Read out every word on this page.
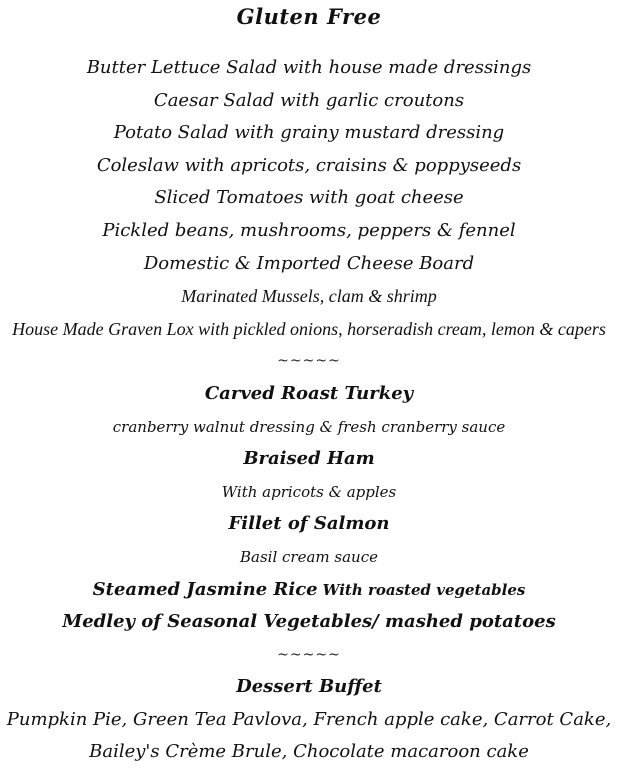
Gluten Free
Butter Lettuce Salad with house made dressings
Caesar Salad with garlic croutons
Potato Salad with grainy mustard dressing
Coleslaw with apricots, craisins & poppyseeds
Sliced Tomatoes with goat cheese
Pickled beans, mushrooms, peppers & fennel
Domestic & Imported Cheese Board
Marinated Mussels, clam & shrimp
House Made Graven Lox with pickled onions, horseradish cream, lemon & capers
~~~~~
Carved Roast Turkey
cranberry walnut dressing & fresh cranberry sauce
Braised Ham
With apricots & apples
Fillet of Salmon
Basil cream sauce
Steamed Jasmine Rice With roasted vegetables
Medley of Seasonal Vegetables/ mashed potatoes
~~~~~
Dessert Buffet
Pumpkin Pie, Green Tea Pavlova, French apple cake, Carrot Cake,
Bailey's Crème Brule, Chocolate macaroon cake
